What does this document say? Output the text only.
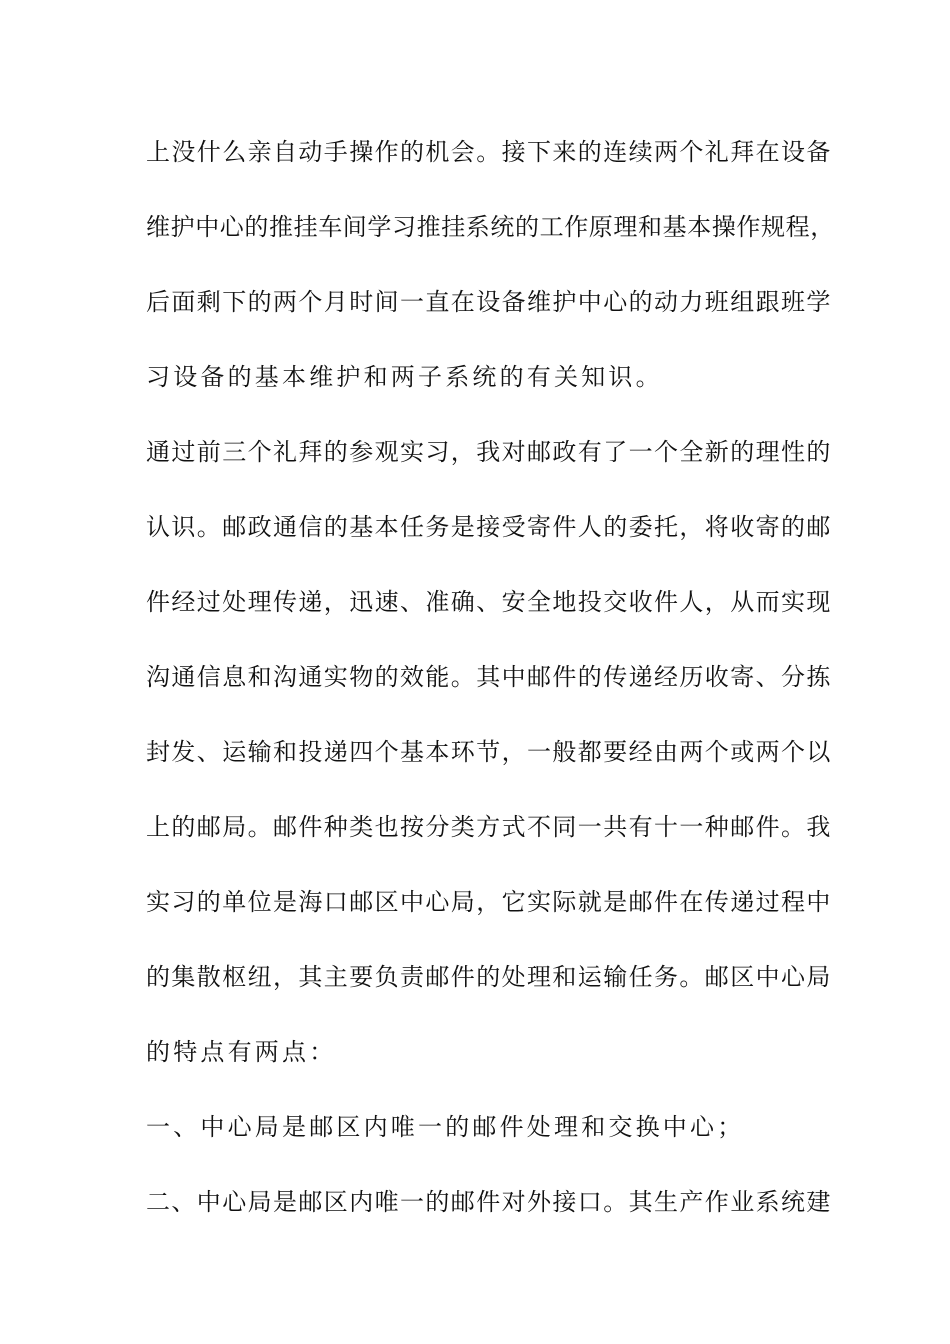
上没什么亲自动手操作的机会。接下来的连续两个礼拜在设备
维护中心的推挂车间学习推挂系统的工作原理和基本操作规程，
后面剩下的两个月时间一直在设备维护中心的动力班组跟班学
习设备的基本维护和两子系统的有关知识。
通过前三个礼拜的参观实习，我对邮政有了一个全新的理性的
认识。邮政通信的基本任务是接受寄件人的委托，将收寄的邮
件经过处理传递，迅速、准确、安全地投交收件人，从而实现
沟通信息和沟通实物的效能。其中邮件的传递经历收寄、分拣
封发、运输和投递四个基本环节，一般都要经由两个或两个以
上的邮局。邮件种类也按分类方式不同一共有十一种邮件。我
实习的单位是海口邮区中心局，它实际就是邮件在传递过程中
的集散枢纽，其主要负责邮件的处理和运输任务。邮区中心局
的特点有两点：
一、中心局是邮区内唯一的邮件处理和交换中心；
二、中心局是邮区内唯一的邮件对外接口。其生产作业系统建
